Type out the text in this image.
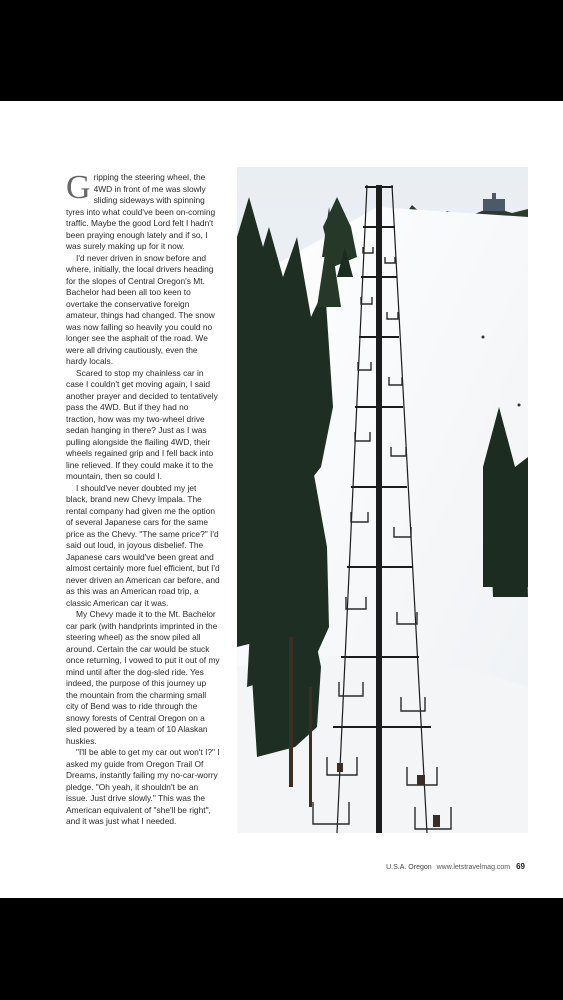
Gripping the steering wheel, the 4WD in front of me was slowly sliding sideways with spinning tyres into what could've been on-coming traffic. Maybe the good Lord felt I hadn't been praying enough lately and if so, I was surely making up for it now.

I'd never driven in snow before and where, initially, the local drivers heading for the slopes of Central Oregon's Mt. Bachelor had been all too keen to overtake the conservative foreign amateur, things had changed. The snow was now falling so heavily you could no longer see the asphalt of the road. We were all driving cautiously, even the hardy locals.

Scared to stop my chainless car in case I couldn't get moving again, I said another prayer and decided to tentatively pass the 4WD. But if they had no traction, how was my two-wheel drive sedan hanging in there? Just as I was pulling alongside the flailing 4WD, their wheels regained grip and I fell back into line relieved. If they could make it to the mountain, then so could I.

I should've never doubted my jet black, brand new Chevy Impala. The rental company had given me the option of several Japanese cars for the same price as the Chevy. "The same price?" I'd said out loud, in joyous disbelief. The Japanese cars would've been great and almost certainly more fuel efficient, but I'd never driven an American car before, and as this was an American road trip, a classic American car it was.

My Chevy made it to the Mt. Bachelor car park (with handprints imprinted in the steering wheel) as the snow piled all around. Certain the car would be stuck once returning, I vowed to put it out of my mind until after the dog-sled ride. Yes indeed, the purpose of this journey up the mountain from the charming small city of Bend was to ride through the snowy forests of Central Oregon on a sled powered by a team of 10 Alaskan huskies.

"I'll be able to get my car out won't I?" I asked my guide from Oregon Trail Of Dreams, instantly failing my no-car-worry pledge. "Oh yeah, it shouldn't be an issue. Just drive slowly." This was the American equivalent of "she'll be right", and it was just what I needed.

U.S.A. Oregon www.letstravelmag.com 69
